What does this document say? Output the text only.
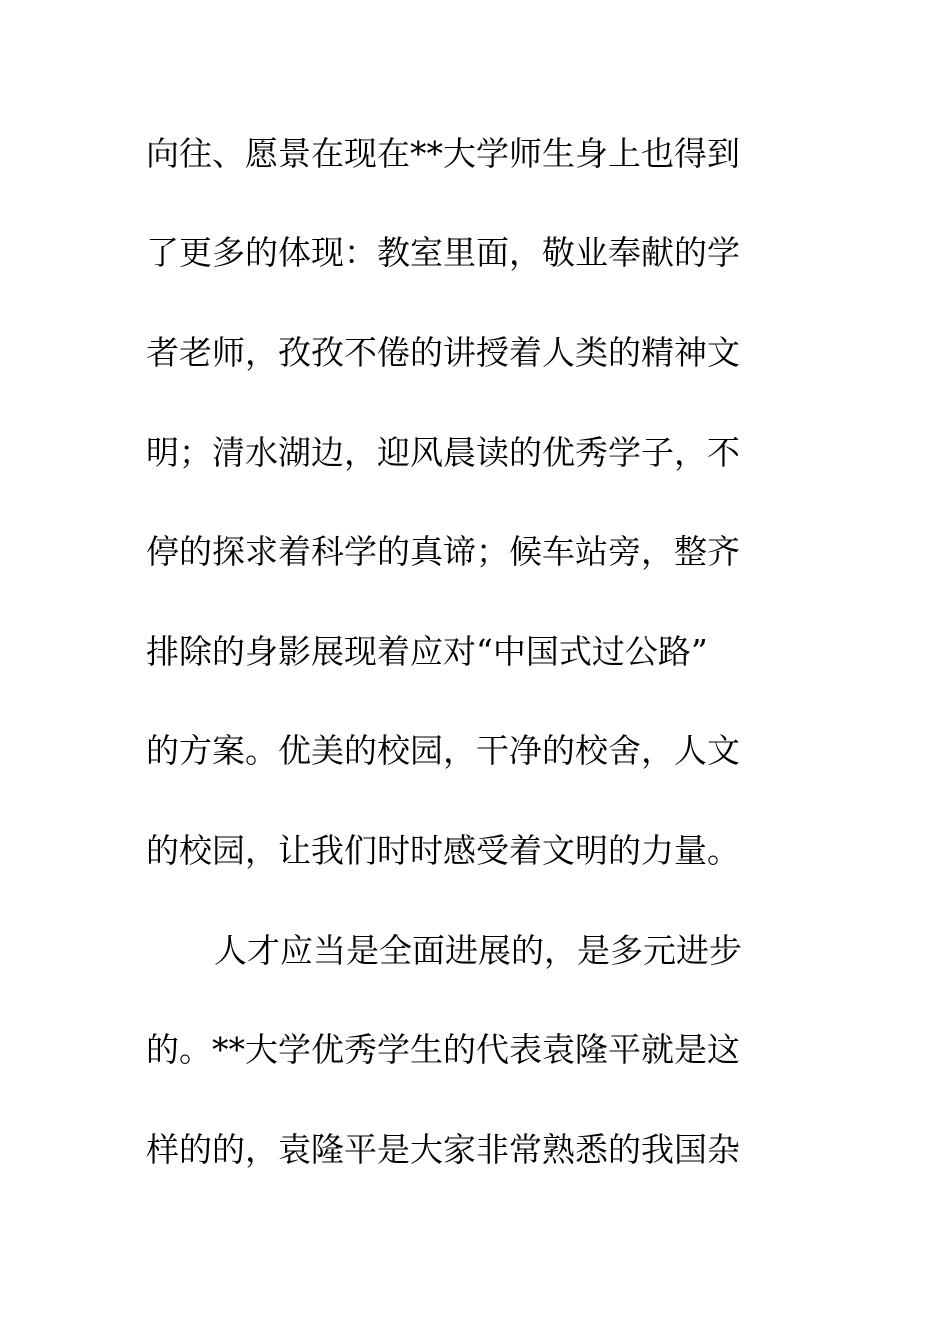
向往、愿景在现在**大学师生身上也得到
了更多的体现：教室里面，敬业奉献的学
者老师，孜孜不倦的讲授着人类的精神文
明；清水湖边，迎风晨读的优秀学子，不
停的探求着科学的真谛；候车站旁，整齐
排除的身影展现着应对“中国式过公路”
的方案。优美的校园，干净的校舍，人文
的校园，让我们时时感受着文明的力量。
人才应当是全面进展的，是多元进步
的。**大学优秀学生的代表袁隆平就是这
样的的，袁隆平是大家非常熟悉的我国杂
